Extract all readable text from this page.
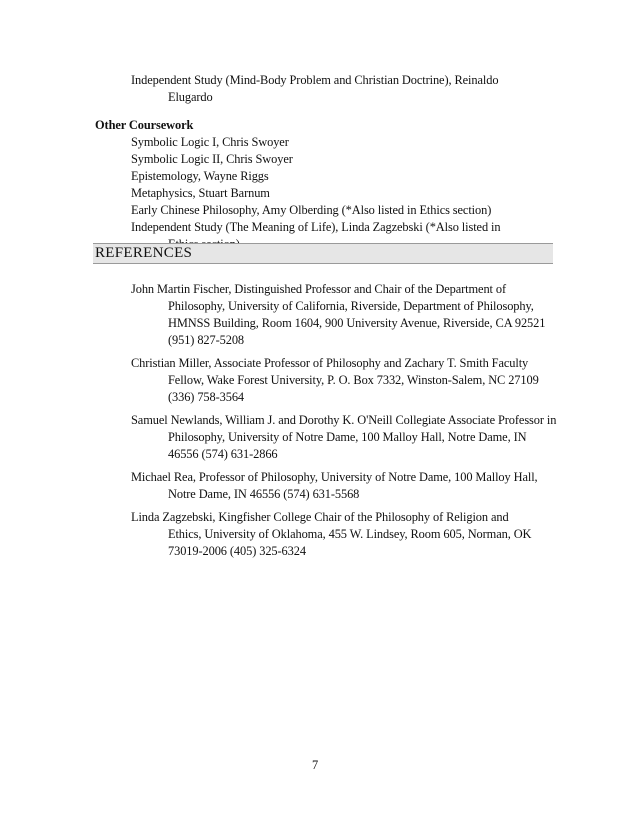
Independent Study (Mind-Body Problem and Christian Doctrine), Reinaldo
Elugardo
Other Coursework
Symbolic Logic I, Chris Swoyer
Symbolic Logic II, Chris Swoyer
Epistemology, Wayne Riggs
Metaphysics, Stuart Barnum
Early Chinese Philosophy, Amy Olberding (*Also listed in Ethics section)
Independent Study (The Meaning of Life), Linda Zagzebski (*Also listed in
REFERENCES
John Martin Fischer, Distinguished Professor and Chair of the Department of
Philosophy, University of California, Riverside, Department of Philosophy,
HMNSS Building, Room 1604, 900 University Avenue, Riverside, CA 92521
(951) 827-5208
Christian Miller, Associate Professor of Philosophy and Zachary T. Smith Faculty
Fellow, Wake Forest University, P. O. Box 7332, Winston-Salem, NC 27109
(336) 758-3564
Samuel Newlands, William J. and Dorothy K. O'Neill Collegiate Associate Professor in
Philosophy, University of Notre Dame, 100 Malloy Hall, Notre Dame, IN
46556 (574) 631-2866
Michael Rea, Professor of Philosophy, University of Notre Dame, 100 Malloy Hall,
Notre Dame, IN 46556 (574) 631-5568
Linda Zagzebski, Kingfisher College Chair of the Philosophy of Religion and
Ethics, University of Oklahoma, 455 W. Lindsey, Room 605, Norman, OK
73019-2006 (405) 325-6324
7
